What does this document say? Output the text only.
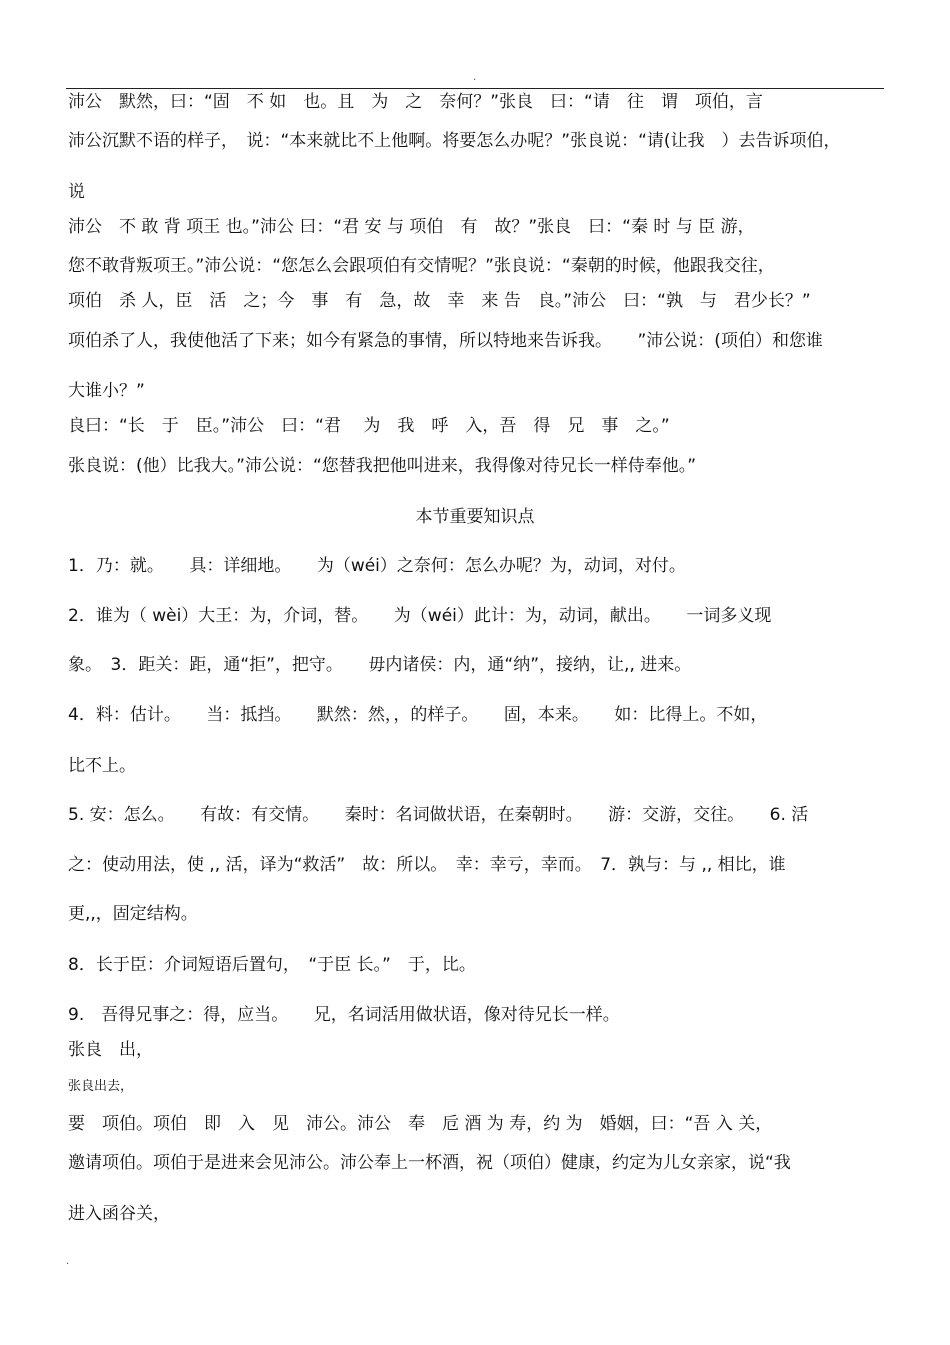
.
沛公　默然，曰：“固　不 如　也。且　为　之　奈何？”张良　曰：“请　往　谓　项伯，言
沛公沉默不语的样子，　说：“本来就比不上他啊。将要怎么办呢？”张良说：“请(让我　）去告诉项伯，
说
沛公　不 敢 背 项王 也。”沛公 曰：“君 安 与 项伯　有　故？”张良　曰：“秦 时 与 臣 游，
您不敢背叛项王。”沛公说：“您怎么会跟项伯有交情呢？”张良说：“秦朝的时候，他跟我交往，
项伯　杀 人，臣　活　之；今　事　有　急，故　幸　来 告　良。”沛公　曰：“孰　与　君少长？”
项伯杀了人，我使他活了下来；如今有紧急的事情，所以特地来告诉我。　　”沛公说：(项伯）和您谁
大谁小？”
良曰：“长　于　臣。”沛公　曰：“君　 为　我　呼　入，吾　得　兄　事　之。”
张良说：(他）比我大。”沛公说：“您替我把他叫进来，我得像对待兄长一样侍奉他。”
本节重要知识点
1．乃：就。　　具：详细地。　　为（wéi）之奈何：怎么办呢？为，动词，对付。
2．谁为（ wèi）大王：为，介词，替。　　为（wéi）此计：为，动词，献出。　　一词多义现
象。　3．距关：距，通“拒”，把守。　　毋内诸侯：内，通“纳”，接纳，让,, 进来。
4．料：估计。　　当：抵挡。　　默然：然，，的样子。　　固，本来。　　如：比得上。不如，
比不上。
5. 安：怎么。　　有故：有交情。　　秦时：名词做状语，在秦朝时。　　游：交游，交往。　　6. 活
之：使动用法，使 ,, 活，译为“救活”　故：所以。　幸：幸亏，幸而。　7．孰与：与 ,, 相比，谁
更,,，固定结构。
8．长于臣：介词短语后置句，　“于臣 长。”　于，比。
9.　吾得兄事之：得，应当。　　兄，名词活用做状语，像对待兄长一样。
张良　出，
张良出去，
要　项伯。项伯　即　入　见　沛公。沛公　奉　卮 酒 为 寿，约 为　婚姻，曰：“吾 入 关，
邀请项伯。项伯于是进来会见沛公。沛公奉上一杯酒，祝（项伯）健康，约定为儿女亲家，说“我
进入函谷关，
.
